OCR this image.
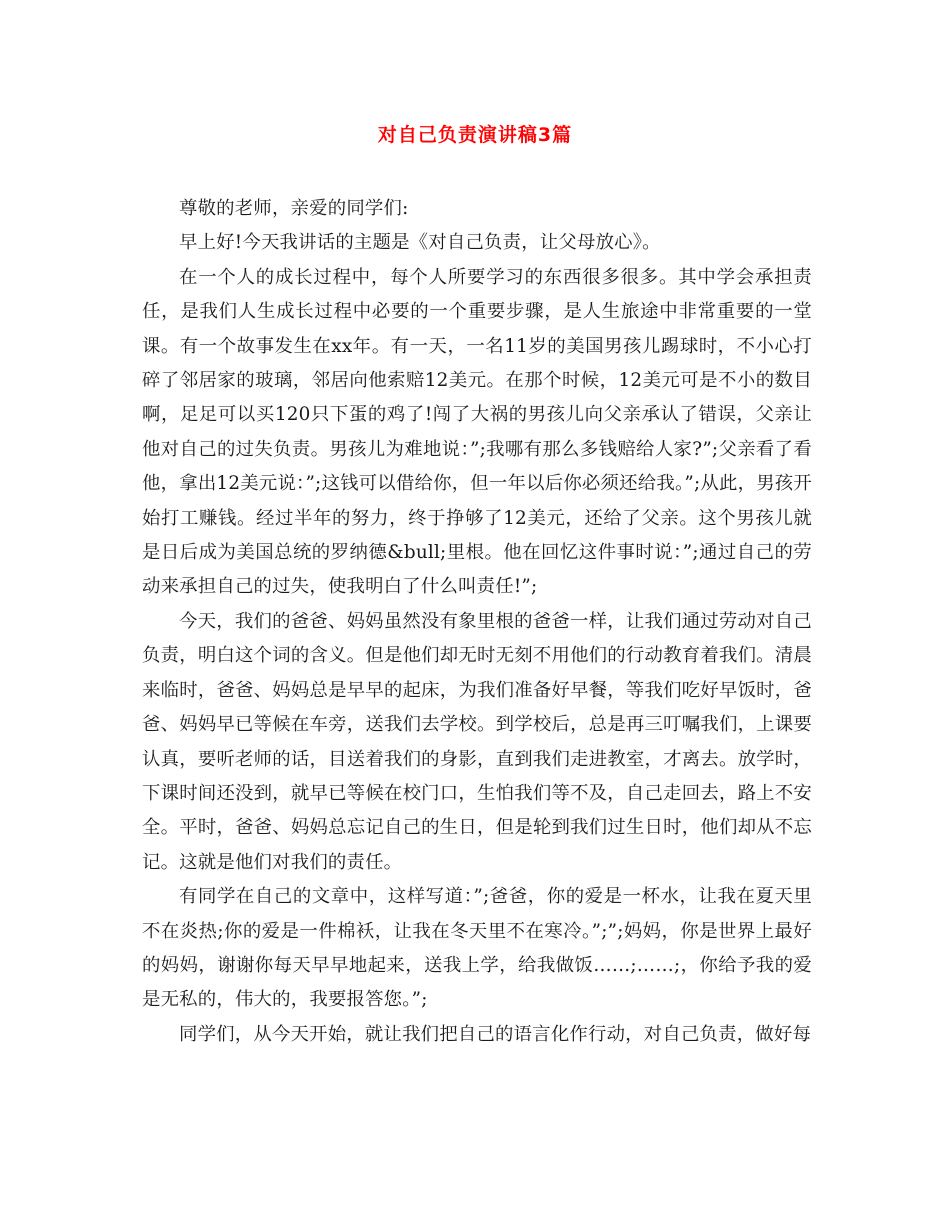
对自己负责演讲稿3篇

尊敬的老师，亲爱的同学们:

早上好!今天我讲话的主题是《对自己负责，让父母放心》。

在一个人的成长过程中，每个人所要学习的东西很多很多。其中学会承担责任，是我们人生成长过程中必要的一个重要步骤，是人生旅途中非常重要的一堂课。有一个故事发生在xx年。有一天，一名11岁的美国男孩儿踢球时，不小心打碎了邻居家的玻璃，邻居向他索赔12美元。在那个时候，12美元可是不小的数目啊，足足可以买120只下蛋的鸡了!闯了大祸的男孩儿向父亲承认了错误，父亲让他对自己的过失负责。男孩儿为难地说：”;我哪有那么多钱赔给人家?”;父亲看了看他，拿出12美元说：”;这钱可以借给你，但一年以后你必须还给我。”;从此，男孩开始打工赚钱。经过半年的努力，终于挣够了12美元，还给了父亲。这个男孩儿就是日后成为美国总统的罗纳德&bull;里根。他在回忆这件事时说：”;通过自己的劳动来承担自己的过失，使我明白了什么叫责任!”;

今天，我们的爸爸、妈妈虽然没有象里根的爸爸一样，让我们通过劳动对自己负责，明白这个词的含义。但是他们却无时无刻不用他们的行动教育着我们。清晨来临时，爸爸、妈妈总是早早的起床，为我们准备好早餐，等我们吃好早饭时，爸爸、妈妈早已等候在车旁，送我们去学校。到学校后，总是再三叮嘱我们，上课要认真，要听老师的话，目送着我们的身影，直到我们走进教室，才离去。放学时，下课时间还没到，就早已等候在校门口，生怕我们等不及，自己走回去，路上不安全。平时，爸爸、妈妈总忘记自己的生日，但是轮到我们过生日时，他们却从不忘记。这就是他们对我们的责任。

有同学在自己的文章中，这样写道：”;爸爸，你的爱是一杯水，让我在夏天里不在炎热;你的爱是一件棉袄，让我在冬天里不在寒冷。”;”;妈妈，你是世界上最好的妈妈，谢谢你每天早早地起来，送我上学，给我做饭……;……;，你给予我的爱是无私的，伟大的，我要报答您。”;

同学们，从今天开始，就让我们把自己的语言化作行动，对自己负责，做好每
